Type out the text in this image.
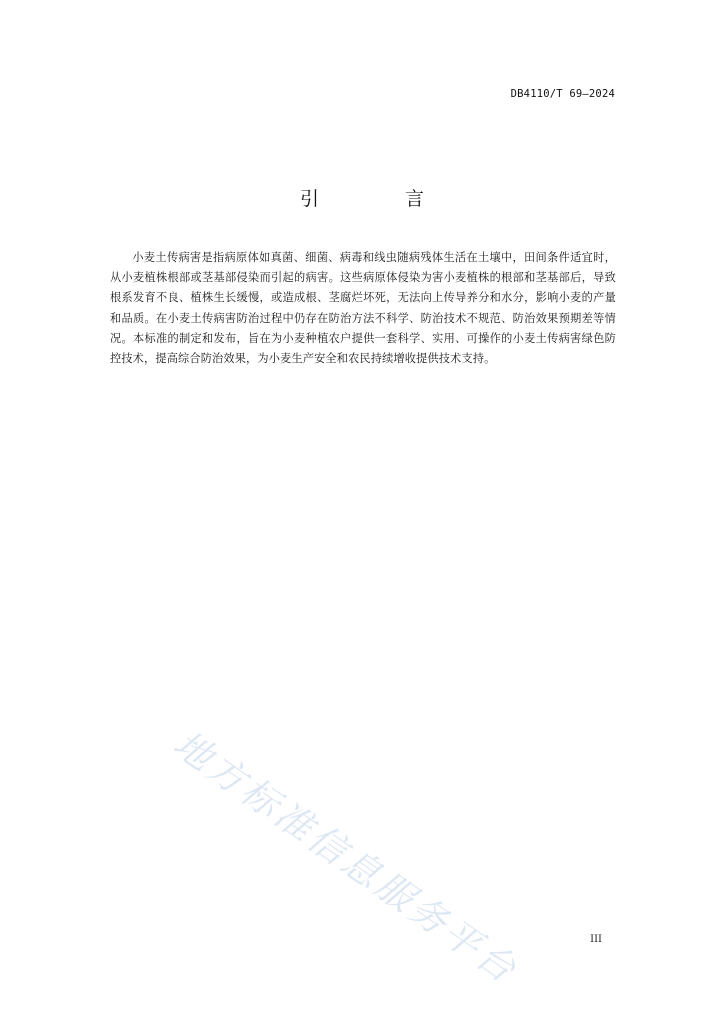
DB4110/T 69—2024
引 言

小麦土传病害是指病原体如真菌、细菌、病毒和线虫随病残体生活在土壤中，田间条件适宜时，从小麦植株根部或茎基部侵染而引起的病害。这些病原体侵染为害小麦植株的根部和茎基部后，导致根系发育不良、植株生长缓慢，或造成根、茎腐烂坏死，无法向上传导养分和水分，影响小麦的产量和品质。在小麦土传病害防治过程中仍存在防治方法不科学、防治技术不规范、防治效果预期差等情况。本标准的制定和发布，旨在为小麦种植农户提供一套科学、实用、可操作的小麦土传病害绿色防控技术，提高综合防治效果，为小麦生产安全和农民持续增收提供技术支持。

地方标准信息服务平台	III
